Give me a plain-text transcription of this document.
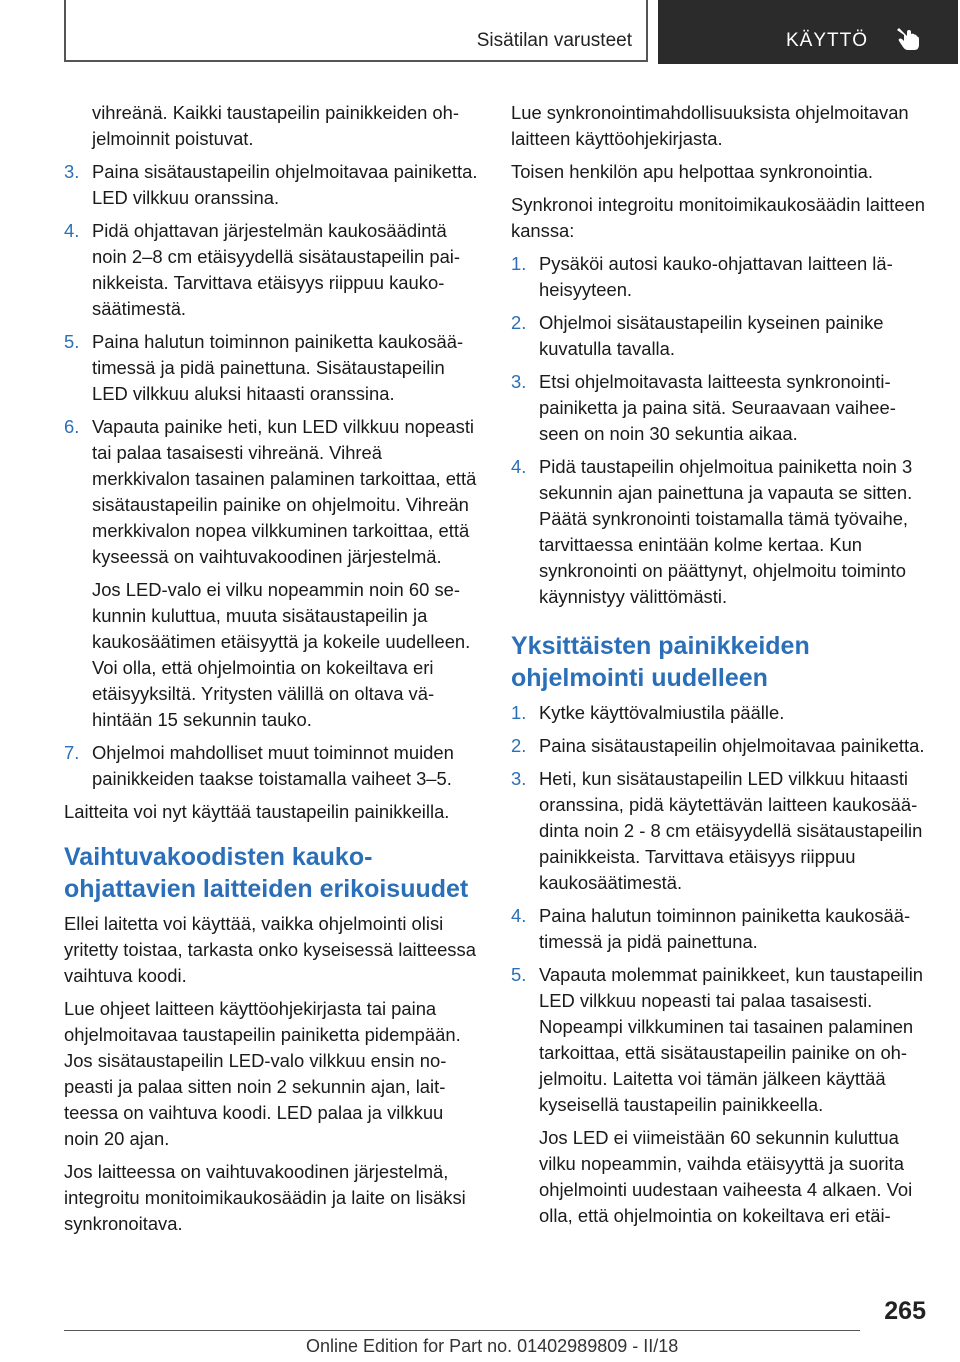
Sisätilan varusteet	KÄYTTÖ

vihreänä. Kaikki taustapeilin painikkeiden ohjelmoinnit poistuvat.

3. Paina sisätaustapeilin ohjelmoitavaa painiketta. LED vilkkuu oranssina.
4. Pidä ohjattavan järjestelmän kaukosäädintä noin 2–8 cm etäisyydellä sisätaustapeilin painikkeista. Tarvittava etäisyys riippuu kaukosäätimestä.
5. Paina halutun toiminnon painiketta kaukosäätimessä ja pidä painettuna. Sisätaustapeilin LED vilkkuu aluksi hitaasti oranssina.
6. Vapauta painike heti, kun LED vilkkuu nopeasti tai palaa tasaisesti vihreänä. Vihreä merkkivalon tasainen palaminen tarkoittaa, että sisätaustapeilin painike on ohjelmoitu. Vihreän merkkivalon nopea vilkkuminen tarkoittaa, että kyseessä on vaihtuvakoodinen järjestelmä.

Jos LED-valo ei vilku nopeammin noin 60 sekunnin kuluttua, muuta sisätaustapeilin ja kaukosäätimen etäisyyttä ja kokeile uudelleen. Voi olla, että ohjelmointia on kokeiltava eri etäisyyksiltä. Yritysten välillä on oltava vähintään 15 sekunnin tauko.

7. Ohjelmoi mahdolliset muut toiminnot muiden painikkeiden taakse toistamalla vaiheet 3–5.

Laitteita voi nyt käyttää taustapeilin painikkeilla.

Vaihtuvakoodisten kaukoohjattavien laitteiden erikoisuudet

Ellei laitetta voi käyttää, vaikka ohjelmointi olisi yritetty toistaa, tarkasta onko kyseisessä laitteessa vaihtuva koodi.

Lue ohjeet laitteen käyttöohjekirjasta tai paina ohjelmoitavaa taustapeilin painiketta pidempään. Jos sisätaustapeilin LED-valo vilkkuu ensin nopeasti ja palaa sitten noin 2 sekunnin ajan, laitteessa on vaihtuva koodi. LED palaa ja vilkkuu noin 20 ajan.

Jos laitteessa on vaihtuvakoodinen järjestelmä, integroitu monitoimikaukosäädin ja laite on lisäksi synkronoitava.

Lue synkronointimahdollisuuksista ohjelmoitavan laitteen käyttöohjekirjasta.

Toisen henkilön apu helpottaa synkronointia.

Synkronoi integroitu monitoimikaukosäädin laitteen kanssa:

1. Pysäköi autosi kauko-ohjattavan laitteen läheisyyteen.
2. Ohjelmoi sisätaustapeilin kyseinen painike kuvatulla tavalla.
3. Etsi ohjelmoitavasta laitteesta synkronointipainiketta ja paina sitä. Seuraavaan vaiheeseen on noin 30 sekuntia aikaa.
4. Pidä taustapeilin ohjelmoitua painiketta noin 3 sekunnin ajan painettuna ja vapauta se sitten. Päätä synkronointi toistamalla tämä työvaihe, tarvittaessa enintään kolme kertaa. Kun synkronointi on päättynyt, ohjelmoitu toiminto käynnistyy välittömästi.
Yksittäisten painikkeiden ohjelmointi uudelleen
1. Kytke käyttövalmiustila päälle.
2. Paina sisätaustapeilin ohjelmoitavaa painiketta.
3. Heti, kun sisätaustapeilin LED vilkkuu hitaasti oranssina, pidä käytettävän laitteen kaukosäädinta noin 2 - 8 cm etäisyydellä sisätaustapeilin painikkeista. Tarvittava etäisyys riippuu kaukosäätimestä.
4. Paina halutun toiminnon painiketta kaukosäätimessä ja pidä painettuna.
5. Vapauta molemmat painikkeet, kun taustapeilin LED vilkkuu nopeasti tai palaa tasaisesti. Nopeampi vilkkuminen tai tasainen palaminen tarkoittaa, että sisätaustapeilin painike on ohjelmoitu. Laitetta voi tämän jälkeen käyttää kyseisellä taustapeilin painikkeella.

Jos LED ei viimeistään 60 sekunnin kuluttua vilku nopeammin, vaihda etäisyyttä ja suorita ohjelmointi uudestaan vaiheesta 4 alkaen. Voi olla, että ohjelmointia on kokeiltava eri etäi-

265
Online Edition for Part no. 01402989809 - II/18
